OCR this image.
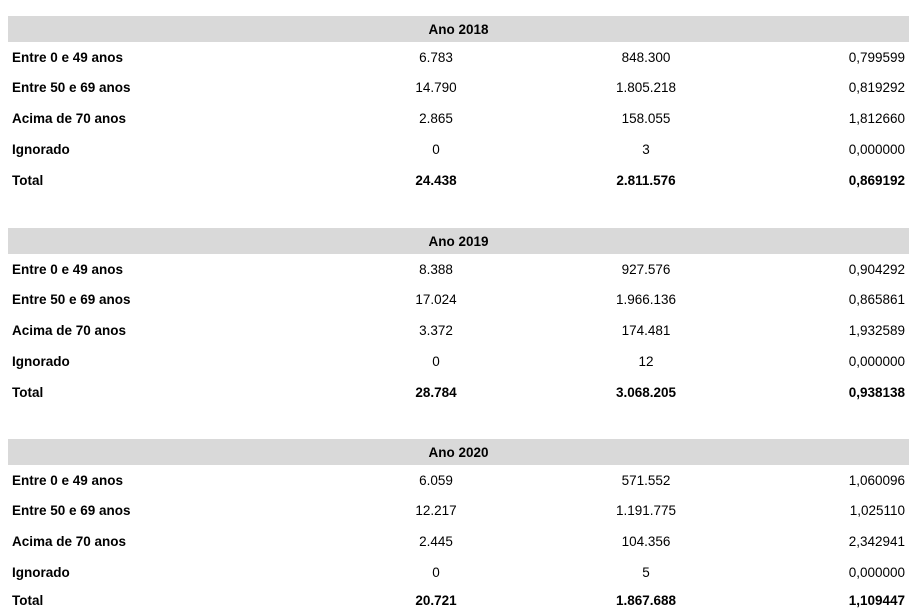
Ano 2018
Entre 0 e 49 anos	6.783	848.300	0,799599
Entre 50 e 69 anos	14.790	1.805.218	0,819292
Acima de 70 anos	2.865	158.055	1,812660
Ignorado	0	3	0,000000
Total	24.438	2.811.576	0,869192
Ano 2019
Entre 0 e 49 anos	8.388	927.576	0,904292
Entre 50 e 69 anos	17.024	1.966.136	0,865861
Acima de 70 anos	3.372	174.481	1,932589
Ignorado	0	12	0,000000
Total	28.784	3.068.205	0,938138
Ano 2020
Entre 0 e 49 anos	6.059	571.552	1,060096
Entre 50 e 69 anos	12.217	1.191.775	1,025110
Acima de 70 anos	2.445	104.356	2,342941
Ignorado	0	5	0,000000
Total	20.721	1.867.688	1,109447
